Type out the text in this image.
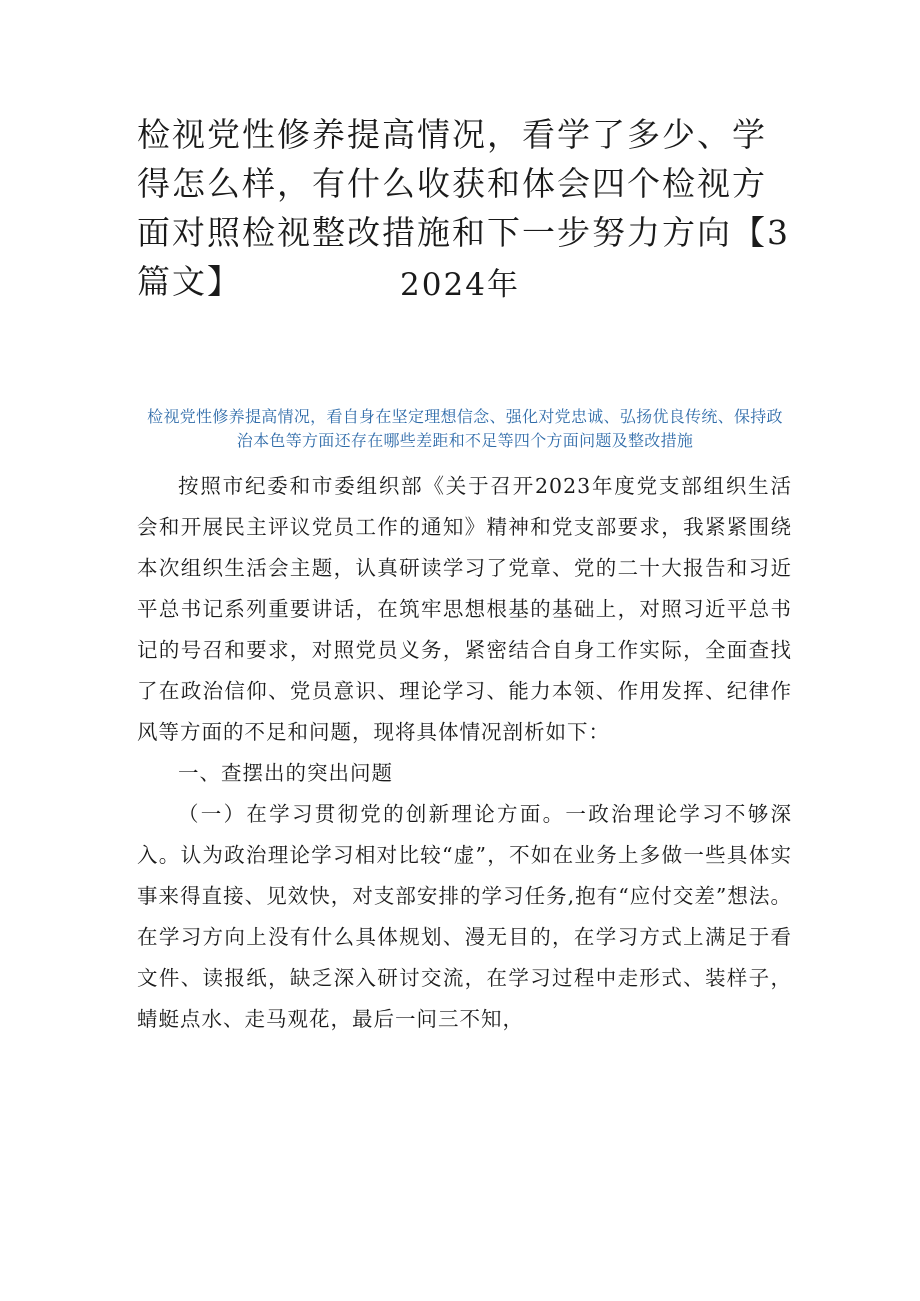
检视党性修养提高情况，看学了多少、学得怎么样，有什么收获和体会四个检视方面对照检视整改措施和下一步努力方向【3篇文】	2024年

检视党性修养提高情况，看自身在坚定理想信念、强化对党忠诚、弘扬优良传统、保持政治本色等方面还存在哪些差距和不足等四个方面问题及整改措施

按照市纪委和市委组织部《关于召开2023年度党支部组织生活会和开展民主评议党员工作的通知》精神和党支部要求，我紧紧围绕本次组织生活会主题，认真研读学习了党章、党的二十大报告和习近平总书记系列重要讲话，在筑牢思想根基的基础上，对照习近平总书记的号召和要求，对照党员义务，紧密结合自身工作实际，全面查找了在政治信仰、党员意识、理论学习、能力本领、作用发挥、纪律作风等方面的不足和问题，现将具体情况剖析如下：

一、查摆出的突出问题

（一）在学习贯彻党的创新理论方面。一政治理论学习不够深入。认为政治理论学习相对比较“虚”，不如在业务上多做一些具体实事来得直接、见效快，对支部安排的学习任务,抱有“应付交差”想法。在学习方向上没有什么具体规划、漫无目的，在学习方式上满足于看文件、读报纸，缺乏深入研讨交流，在学习过程中走形式、装样子，蜻蜓点水、走马观花，最后一问三不知，
